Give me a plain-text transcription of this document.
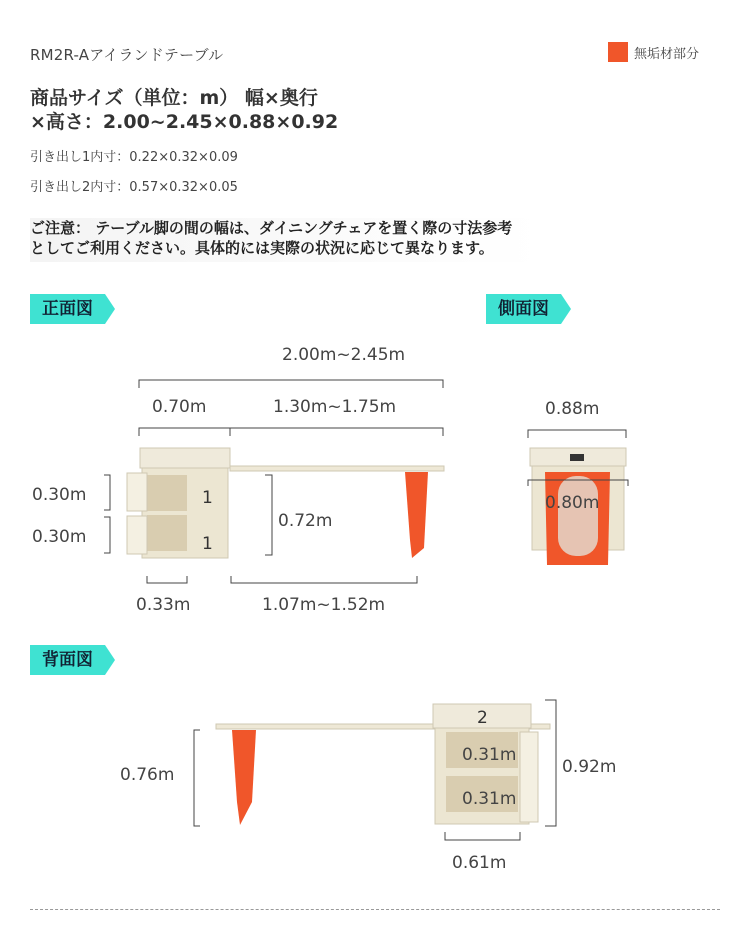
RM2R-Aアイランドテーブル	無垢材部分
商品サイズ（単位：m） 幅×奥行
×高さ：2.00~2.45×0.88×0.92
引き出し1内寸：0.22×0.32×0.09
引き出し2内寸：0.57×0.32×0.05
ご注意： テーブル脚の間の幅は、ダイニングチェアを置く際の寸法参考
としてご利用ください。具体的には実際の状況に応じて異なります。
正面図	側面図
背面図
2.00m~2.45m
0.70m	1.30m~1.75m
0.30m
0.30m
0.72m
0.33m	1.07m~1.52m
1
1
0.88m
0.80m
0.76m	0.92m
0.31m
0.31m
0.61m
2
